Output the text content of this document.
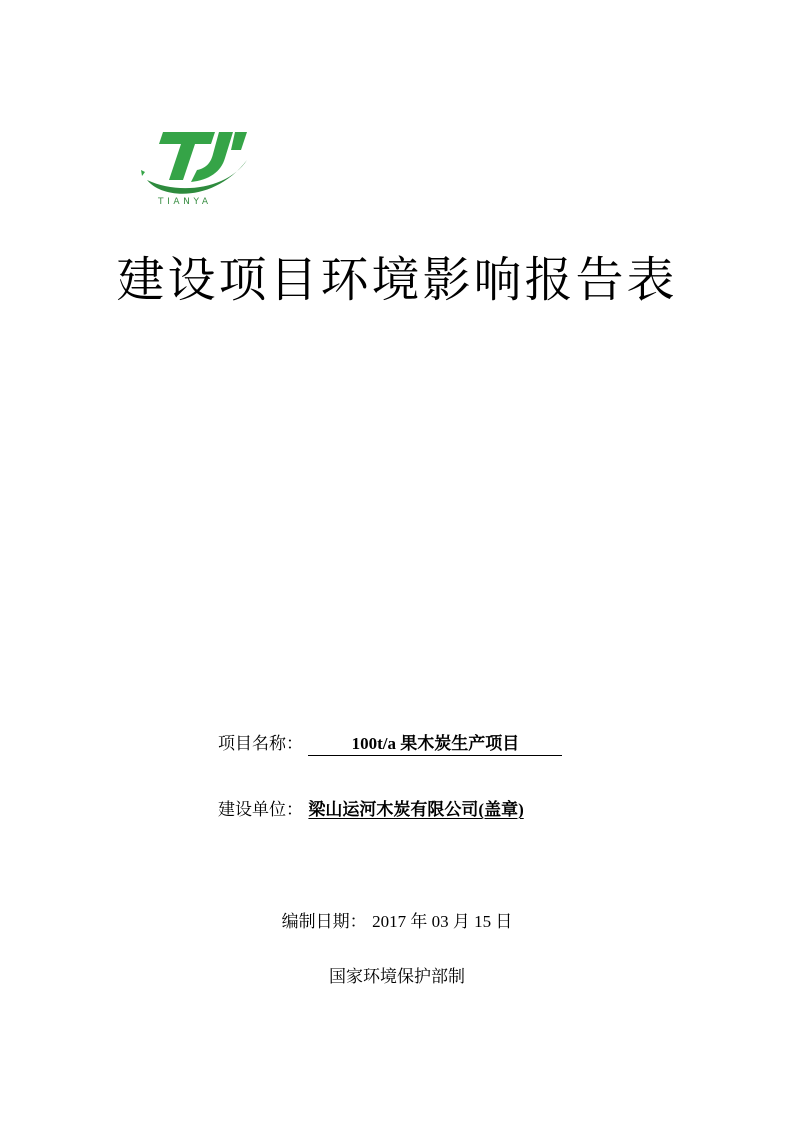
TIANYA
建设项目环境影响报告表
项目名称：	100t/a 果木炭生产项目
建设单位： 梁山运河木炭有限公司(盖章)
编制日期： 2017 年 03 月 15 日
国家环境保护部制
